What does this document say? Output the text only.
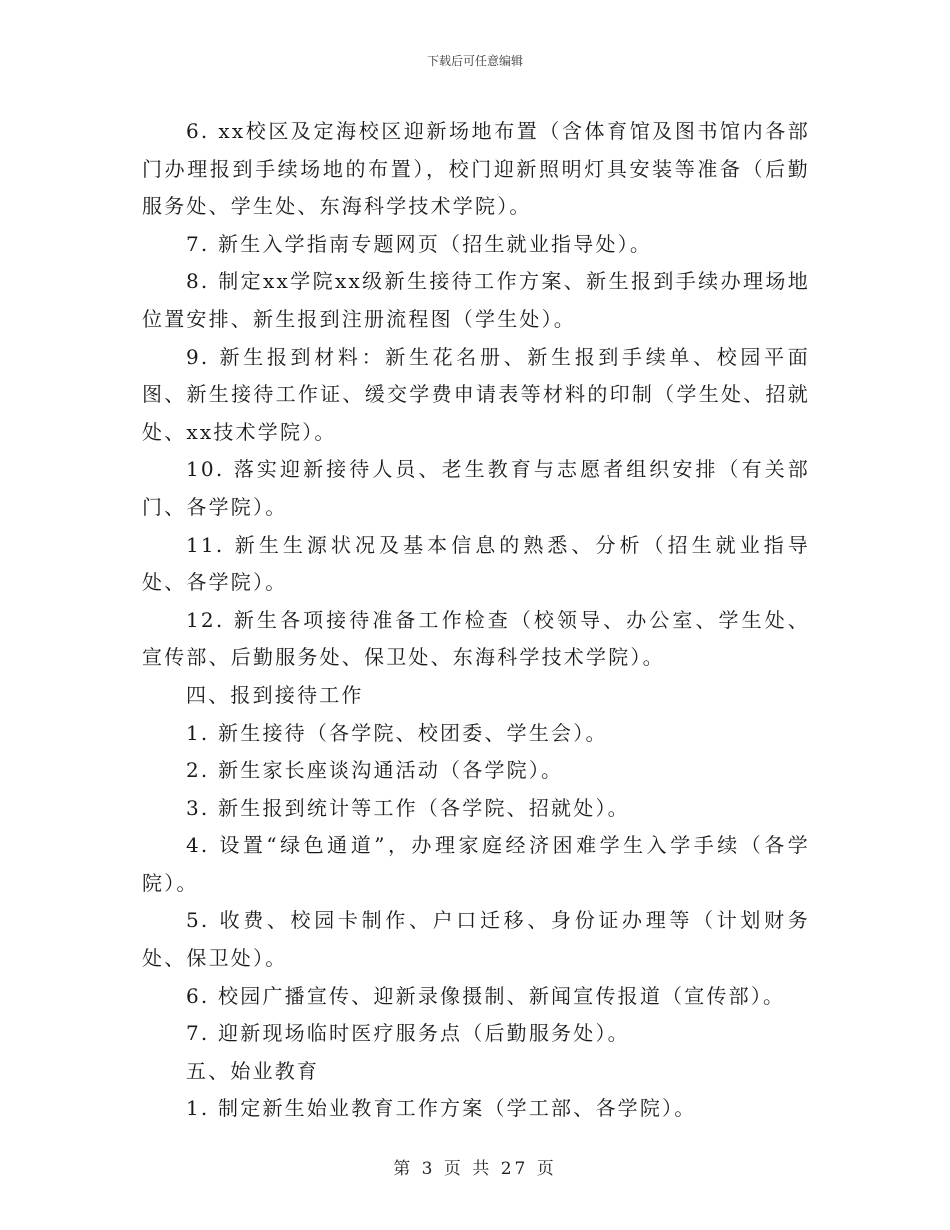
下载后可任意编辑

6. xx校区及定海校区迎新场地布置（含体育馆及图书馆内各部门办理报到手续场地的布置），校门迎新照明灯具安装等准备（后勤服务处、学生处、东海科学技术学院）。

7. 新生入学指南专题网页（招生就业指导处）。

8. 制定xx学院xx级新生接待工作方案、新生报到手续办理场地位置安排、新生报到注册流程图（学生处）。

9. 新生报到材料：新生花名册、新生报到手续单、校园平面图、新生接待工作证、缓交学费申请表等材料的印制（学生处、招就处、xx技术学院）。

10. 落实迎新接待人员、老生教育与志愿者组织安排（有关部门、各学院）。

11. 新生生源状况及基本信息的熟悉、分析（招生就业指导处、各学院）。

12. 新生各项接待准备工作检查（校领导、办公室、学生处、宣传部、后勤服务处、保卫处、东海科学技术学院）。

四、报到接待工作

1. 新生接待（各学院、校团委、学生会）。

2. 新生家长座谈沟通活动（各学院）。

3. 新生报到统计等工作（各学院、招就处）。

4. 设置“绿色通道”，办理家庭经济困难学生入学手续（各学院）。

5. 收费、校园卡制作、户口迁移、身份证办理等（计划财务处、保卫处）。

6. 校园广播宣传、迎新录像摄制、新闻宣传报道（宣传部）。

7. 迎新现场临时医疗服务点（后勤服务处）。

五、始业教育

1. 制定新生始业教育工作方案（学工部、各学院）。

第 3 页 共 27 页
